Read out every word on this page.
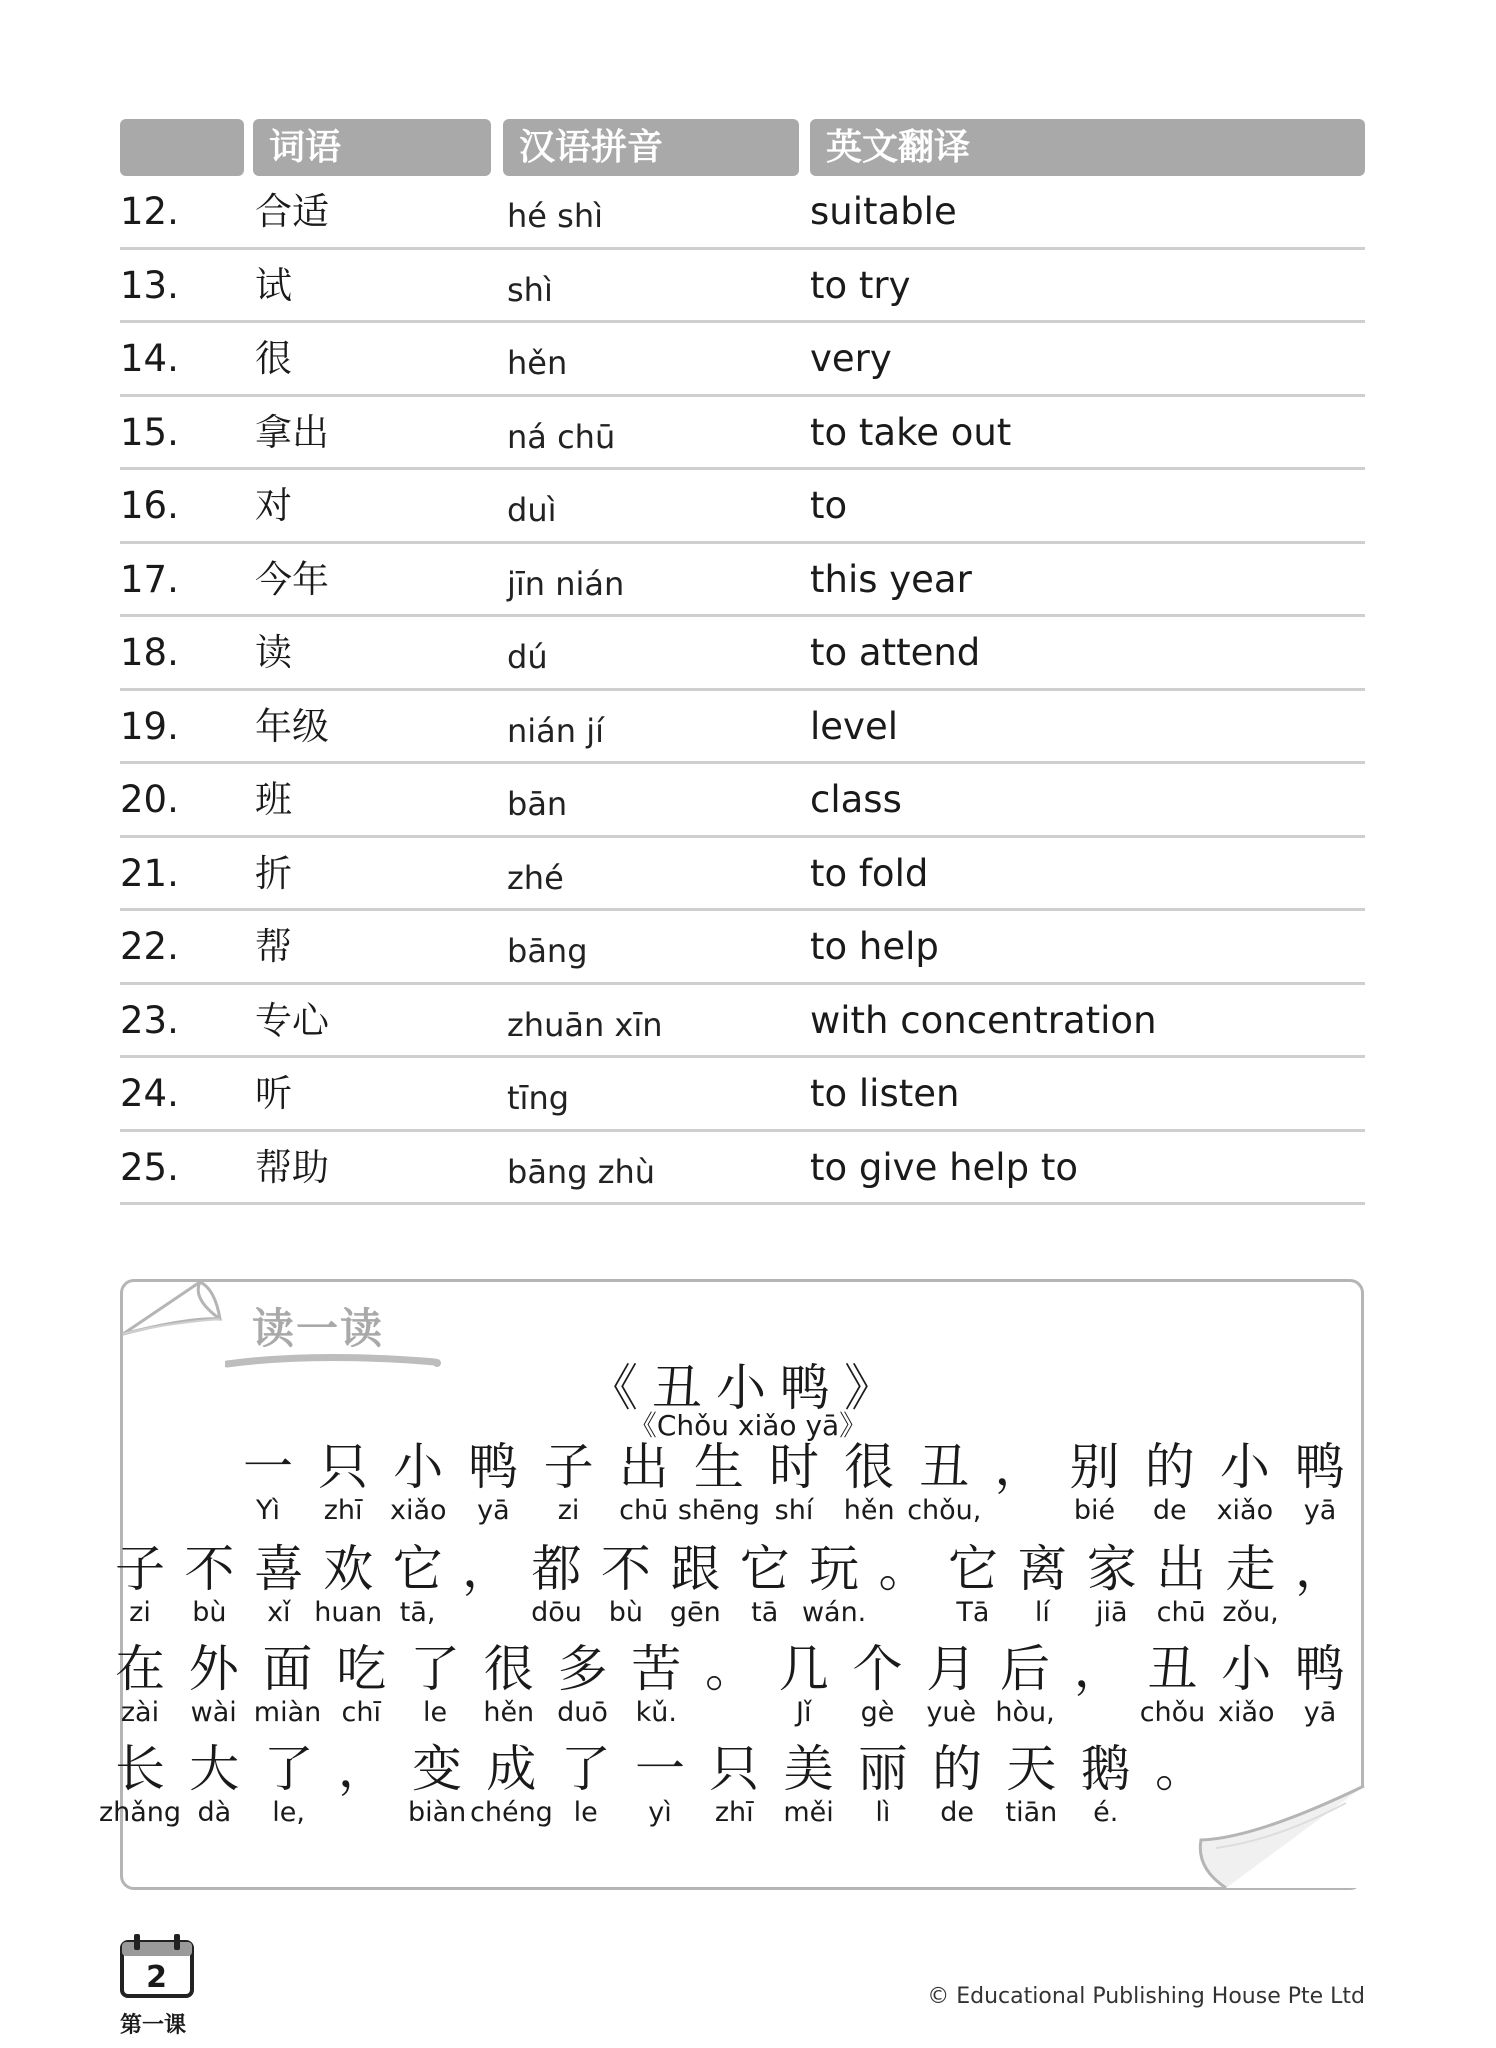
词语	汉语拼音	英文翻译
12. 合适	hé shì	suitable
13. 试	shì	to try
14. 很	hěn	very
15. 拿出	ná chū	to take out
16. 对	duì	to
17. 今年	jīn nián	this year
18. 读	dú	to attend
19. 年级	nián jí	level
20. 班	bān	class
21. 折	zhé	to fold
22. 帮	bāng	to help
23. 专心	zhuān xīn	with concentration
24. 听	tīng	to listen
25. 帮助	bāng zhù	to give help to
读一读
《丑小鸭》
《Chǒu xiǎo yā》
一
Yì
只
zhī
小
xiǎo
鸭
yā
子
zi
出
chū
生
shēng
时
shí
很
hěn
丑
chǒu,
， 别
bié
的
de
小
xiǎo
鸭
yā
子
zi
不
bù
喜
xǐ
欢
huan
它
tā,
， 都
dōu
不
bù
跟
gēn
它
tā
玩
wán.
。 它
Tā
离
lí
家
jiā
出
chū
走
zǒu,
，
在
zài
外
wài
面
miàn
吃
chī
了
le
很
hěn
多
duō
苦
kǔ.
。 几
Jǐ
个
gè
月
yuè
后
hòu,
， 丑
chǒu
小
xiǎo
鸭
yā
长
zhǎng
大
dà
了
le,
， 变
biàn
成
chéng
了
le
一
yì
只
zhī
美
měi
丽
lì
的
de
天
tiān
鹅
é.
。
2
第一课
© Educational Publishing House Pte Ltd
